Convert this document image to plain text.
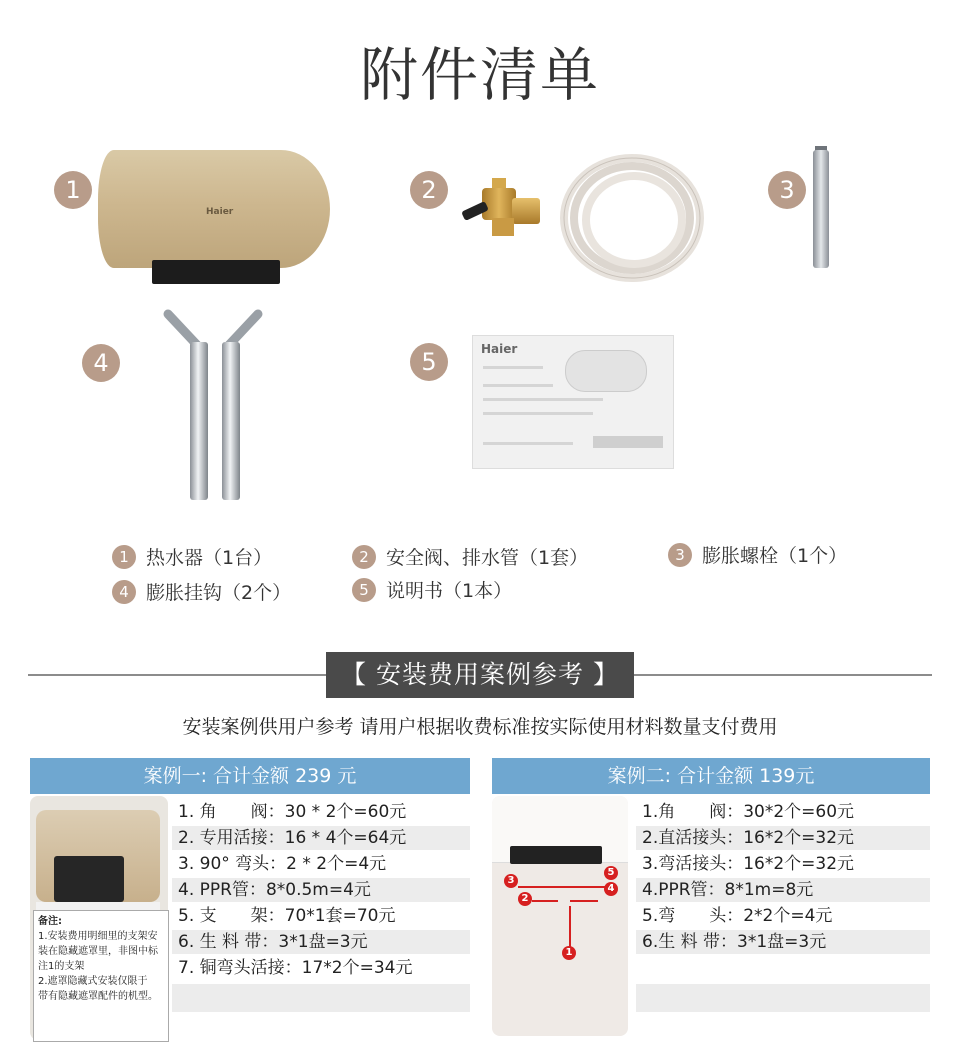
附件清单
1
Haier
2	3
4	5	Haier
1 热水器（1台）	2 安全阀、排水管（1套）	3 膨胀螺栓（1个）
4 膨胀挂钩（2个）	5 说明书（1本）
【 安装费用案例参考 】
安装案例供用户参考 请用户根据收费标准按实际使用材料数量支付费用
案例一: 合计金额 239 元
备注:
1.安装费用明细里的支架安
装在隐藏遮罩里，非图中标
注1的支架
2.遮罩隐藏式安装仅限于
带有隐藏遮罩配件的机型。
1. 角　　阀：30 * 2个=60元
2. 专用活接：16 * 4个=64元
3. 90° 弯头：2 * 2个=4元
4. PPR管：8*0.5m=4元
5. 支　　架：70*1套=70元
6. 生 料 带：3*1盘=3元
7. 铜弯头活接：17*2个=34元
案例二: 合计金额 139元
1
2
3
4
5
1.角　　阀：30*2个=60元
2.直活接头：16*2个=32元
3.弯活接头：16*2个=32元
4.PPR管：8*1m=8元
5.弯　　头：2*2个=4元
6.生 料 带：3*1盘=3元
